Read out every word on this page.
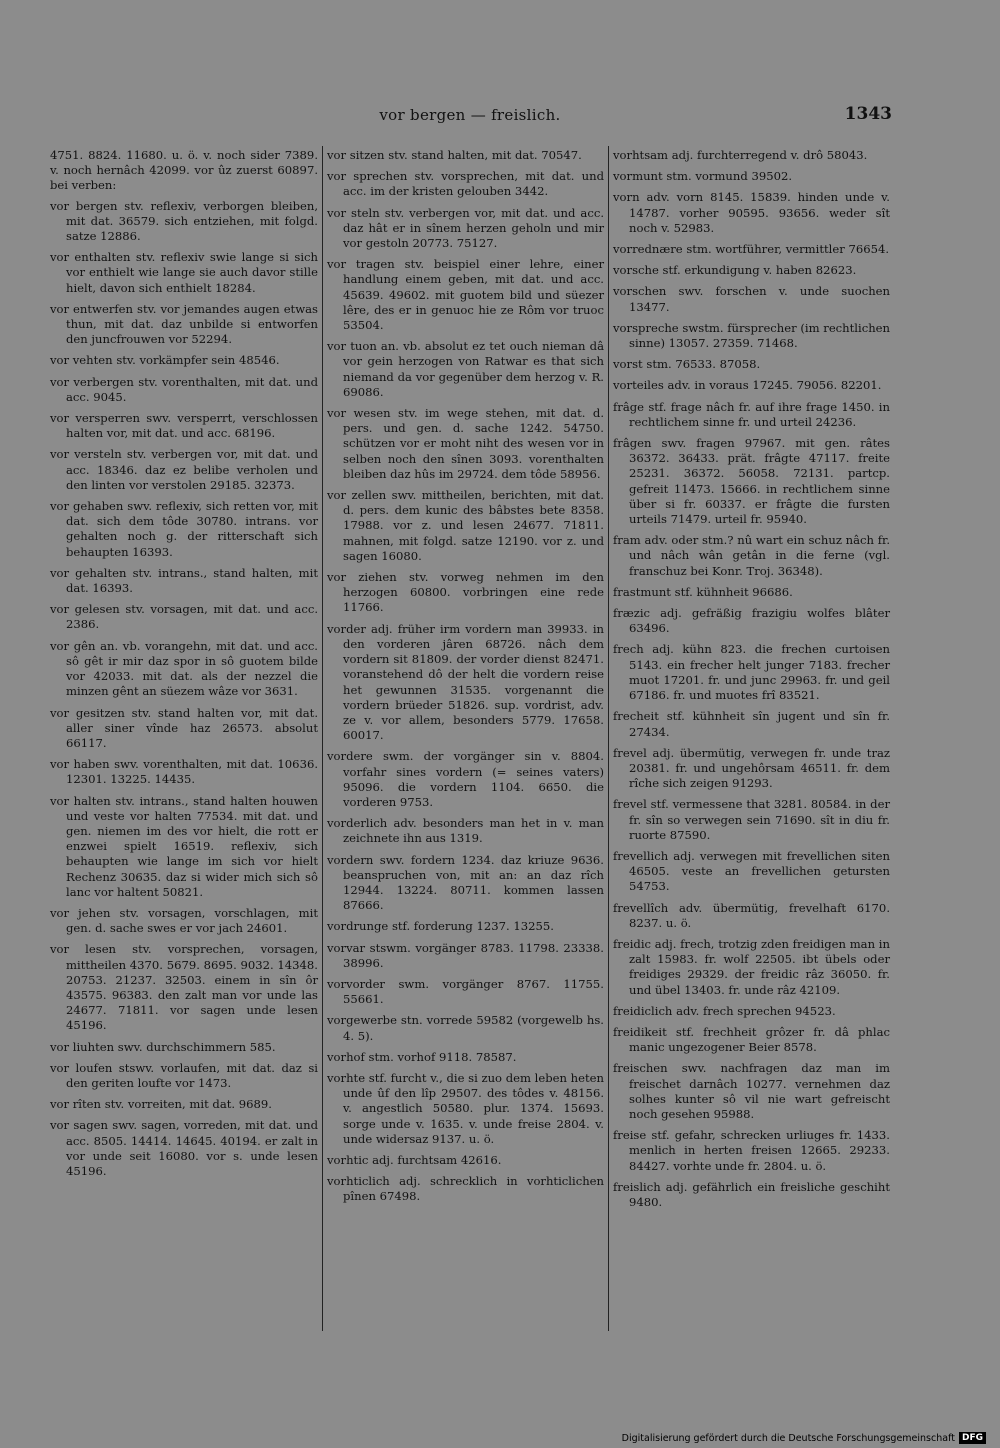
vor bergen — freislich.	1343

4751. 8824. 11680. u. ö. v. noch sider 7389. v. noch hernâch 42099. vor ûz zuerst 60897. bei verben:

vor bergen stv. reflexiv, verborgen bleiben, mit dat. 36579. sich entziehen, mit folgd. satze 12886.
vor enthalten stv. reflexiv swie lange si sich vor enthielt wie lange sie auch davor stille hielt, davon sich enthielt 18284.
vor entwerfen stv. vor jemandes augen etwas thun, mit dat. daz unbilde si entworfen den juncfrouwen vor 52294.
vor vehten stv. vorkämpfer sein 48546.
vor verbergen stv. vorenthalten, mit dat. und acc. 9045.
vor versperren swv. versperrt, verschlossen halten vor, mit dat. und acc. 68196.
vor versteln stv. verbergen vor, mit dat. und acc. 18346. daz ez belibe verholen und den linten vor verstolen 29185. 32373.
vor gehaben swv. reflexiv, sich retten vor, mit dat. sich dem tôde 30780. intrans. vor gehalten noch g. der ritterschaft sich behaupten 16393.
vor gehalten stv. intrans., stand halten, mit dat. 16393.
vor gelesen stv. vorsagen, mit dat. und acc. 2386.
vor gên an. vb. vorangehn, mit dat. und acc. sô gêt ir mir daz spor in sô guotem bilde vor 42033. mit dat. als der nezzel die minzen gênt an süezem wâze vor 3631.
vor gesitzen stv. stand halten vor, mit dat. aller siner vînde haz 26573. absolut 66117.
vor haben swv. vorenthalten, mit dat. 10636. 12301. 13225. 14435.
vor halten stv. intrans., stand halten houwen und veste vor halten 77534. mit dat. und gen. niemen im des vor hielt, die rott er enzwei spielt 16519. reflexiv, sich behaupten wie lange im sich vor hielt Rechenz 30635. daz si wider mich sich sô lanc vor haltent 50821.
vor jehen stv. vorsagen, vorschlagen, mit gen. d. sache swes er vor jach 24601.
vor lesen stv. vorsprechen, vorsagen, mittheilen 4370. 5679. 8695. 9032. 14348. 20753. 21237. 32503. einem in sîn ôr 43575. 96383. den zalt man vor unde las 24677. 71811. vor sagen unde lesen 45196.
vor liuhten swv. durchschimmern 585.
vor loufen stswv. vorlaufen, mit dat. daz si den geriten loufte vor 1473.
vor rîten stv. vorreiten, mit dat. 9689.
vor sagen swv. sagen, vorreden, mit dat. und acc. 8505. 14414. 14645. 40194. er zalt in vor unde seit 16080. vor s. unde lesen 45196.
vor sitzen stv. stand halten, mit dat. 70547.
vor sprechen stv. vorsprechen, mit dat. und acc. im der kristen gelouben 3442.
vor steln stv. verbergen vor, mit dat. und acc. daz hât er in sînem herzen geholn und mir vor gestoln 20773. 75127.
vor tragen stv. beispiel einer lehre, einer handlung einem geben, mit dat. und acc. 45639. 49602. mit guotem bild und süezer lêre, des er in genuoc hie ze Rôm vor truoc 53504.
vor tuon an. vb. absolut ez tet ouch nieman dâ vor gein herzogen von Ratwar es that sich niemand da vor gegenüber dem herzog v. R. 69086.
vor wesen stv. im wege stehen, mit dat. d. pers. und gen. d. sache 1242. 54750. schützen vor er moht niht des wesen vor in selben noch den sînen 3093. vorenthalten bleiben daz hûs im 29724. dem tôde 58956.
vor zellen swv. mittheilen, berichten, mit dat. d. pers. dem kunic des bâbstes bete 8358. 17988. vor z. und lesen 24677. 71811. mahnen, mit folgd. satze 12190. vor z. und sagen 16080.
vor ziehen stv. vorweg nehmen im den herzogen 60800. vorbringen eine rede 11766.
vorder adj. früher irm vordern man 39933. in den vorderen jâren 68726. nâch dem vordern sit 81809. der vorder dienst 82471. voranstehend dô der helt die vordern reise het gewunnen 31535. vorgenannt die vordern brüeder 51826. sup. vordrist, adv. ze v. vor allem, besonders 5779. 17658. 60017.
vordere swm. der vorgänger sin v. 8804. vorfahr sines vordern (= seines vaters) 95096. die vordern 1104. 6650. die vorderen 9753.
vorderlich adv. besonders man het in v. man zeichnete ihn aus 1319.
vordern swv. fordern 1234. daz kriuze 9636. beanspruchen von, mit an: an daz rîch 12944. 13224. 80711. kommen lassen 87666.
vordrunge stf. forderung 1237. 13255.
vorvar stswm. vorgänger 8783. 11798. 23338. 38996.
vorvorder swm. vorgänger 8767. 11755. 55661.
vorgewerbe stn. vorrede 59582 (vorgewelb hs. 4. 5).
vorhof stm. vorhof 9118. 78587.
vorhte stf. furcht v., die si zuo dem leben heten unde ûf den lîp 29507. des tôdes v. 48156. v. angestlich 50580. plur. 1374. 15693. sorge unde v. 1635. v. unde freise 2804. v. unde widersaz 9137. u. ö.
vorhtic adj. furchtsam 42616.
vorhticlich adj. schrecklich in vorhticlichen pînen 67498.
vorhtsam adj. furchterregend v. drô 58043.
vormunt stm. vormund 39502.
vorn adv. vorn 8145. 15839. hinden unde v. 14787. vorher 90595. 93656. weder sît noch v. 52983.
vorrednære stm. wortführer, vermittler 76654.
vorsche stf. erkundigung v. haben 82623.
vorschen swv. forschen v. unde suochen 13477.
vorspreche swstm. fürsprecher (im rechtlichen sinne) 13057. 27359. 71468.
vorst stm. 76533. 87058.
vorteiles adv. in voraus 17245. 79056. 82201.
frâge stf. frage nâch fr. auf ihre frage 1450. in rechtlichem sinne fr. und urteil 24236.
frâgen swv. fragen 97967. mit gen. râtes 36372. 36433. prät. frâgte 47117. freite 25231. 36372. 56058. 72131. partcp. gefreit 11473. 15666. in rechtlichem sinne über si fr. 60337. er frâgte die fursten urteils 71479. urteil fr. 95940.
fram adv. oder stm.? nû wart ein schuz nâch fr. und nâch wân getân in die ferne (vgl. franschuz bei Konr. Troj. 36348).
frastmunt stf. kühnheit 96686.
fræzic adj. gefräßig frazigiu wolfes blâter 63496.
frech adj. kühn 823. die frechen curtoisen 5143. ein frecher helt junger 7183. frecher muot 17201. fr. und junc 29963. fr. und geil 67186. fr. und muotes frî 83521.
frecheit stf. kühnheit sîn jugent und sîn fr. 27434.
frevel adj. übermütig, verwegen fr. unde traz 20381. fr. und ungehôrsam 46511. fr. dem rîche sich zeigen 91293.
frevel stf. vermessene that 3281. 80584. in der fr. sîn so verwegen sein 71690. sît in diu fr. ruorte 87590.
frevellich adj. verwegen mit frevellichen siten 46505. veste an frevellichen getursten 54753.
frevellîch adv. übermütig, frevelhaft 6170. 8237. u. ö.
freidic adj. frech, trotzig zden freidigen man in zalt 15983. fr. wolf 22505. ibt übels oder freidiges 29329. der freidic râz 36050. fr. und übel 13403. fr. unde râz 42109.
freidiclich adv. frech sprechen 94523.
freidikeit stf. frechheit grôzer fr. dâ phlac manic ungezogener Beier 8578.
freischen swv. nachfragen daz man im freischet darnâch 10277. vernehmen daz solhes kunter sô vil nie wart gefreischt noch gesehen 95988.
freise stf. gefahr, schrecken urliuges fr. 1433. menlich in herten freisen 12665. 29233. 84427. vorhte unde fr. 2804. u. ö.
freislich adj. gefährlich ein freisliche geschiht 9480.
Digitalisierung gefördert durch die Deutsche Forschungsgemeinschaft DFG
